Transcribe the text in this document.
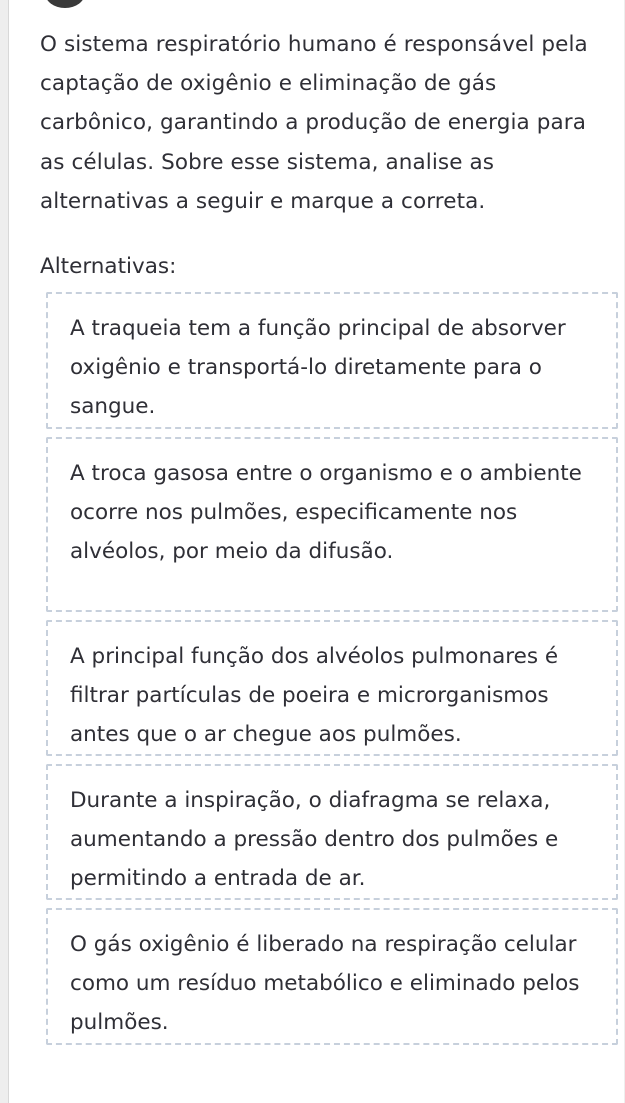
O sistema respiratório humano é responsável pela captação de oxigênio e eliminação de gás carbônico, garantindo a produção de energia para as células. Sobre esse sistema, analise as alternativas a seguir e marque a correta.

Alternativas:

A traqueia tem a função principal de absorver oxigênio e transportá-lo diretamente para o sangue.
A troca gasosa entre o organismo e o ambiente ocorre nos pulmões, especificamente nos alvéolos, por meio da difusão.
A principal função dos alvéolos pulmonares é filtrar partículas de poeira e microrganismos antes que o ar chegue aos pulmões.
Durante a inspiração, o diafragma se relaxa, aumentando a pressão dentro dos pulmões e permitindo a entrada de ar.
O gás oxigênio é liberado na respiração celular como um resíduo metabólico e eliminado pelos pulmões.
